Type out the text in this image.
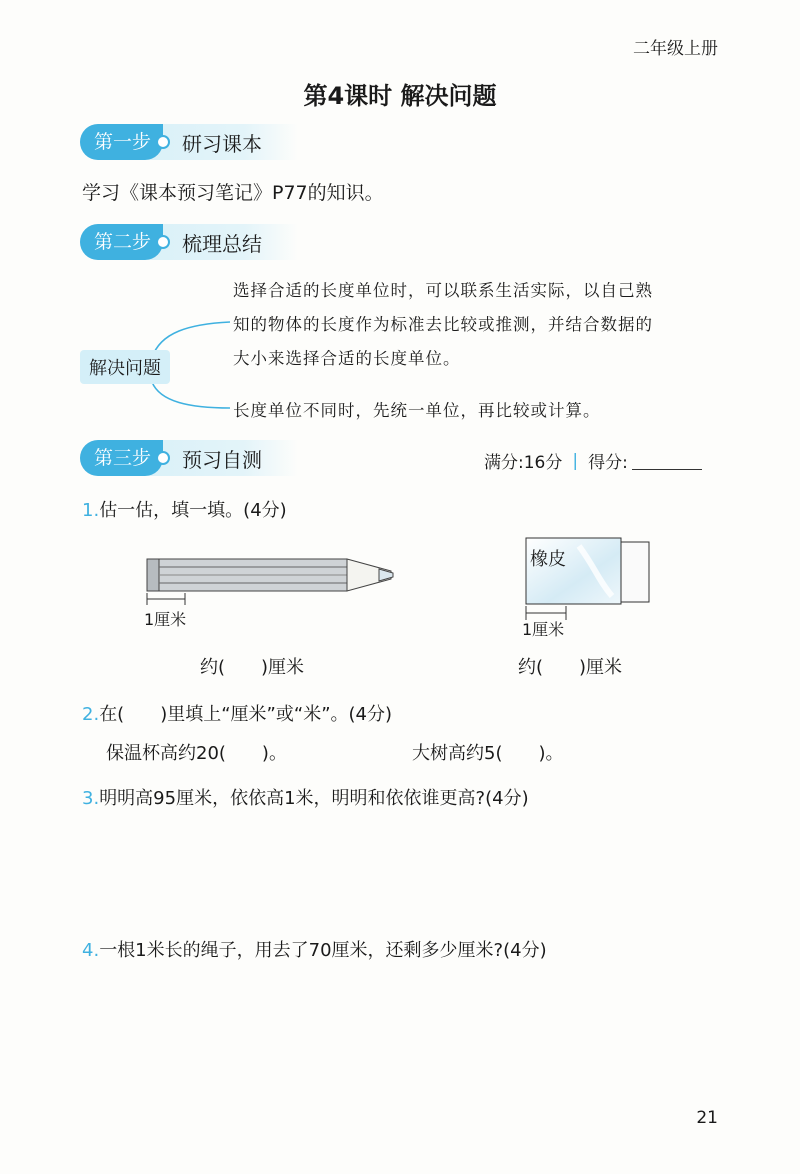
二年级上册
第4课时 解决问题
第一步	研习课本
学习《课本预习笔记》P77的知识。
第二步	梳理总结
解决问题
选择合适的长度单位时，可以联系生活实际，以自己熟
知的物体的长度作为标准去比较或推测，并结合数据的
大小来选择合适的长度单位。
长度单位不同时，先统一单位，再比较或计算。
第三步	预习自测	满分:16分 | 得分:
1.估一估，填一填。(4分)
1厘米
橡皮
1厘米
约(　　)厘米	约(　　)厘米
2.在(　　)里填上“厘米”或“米”。(4分)
保温杯高约20(　　)。	大树高约5(　　)。
3.明明高95厘米，依依高1米，明明和依依谁更高?(4分)
4.一根1米长的绳子，用去了70厘米，还剩多少厘米?(4分)
21
